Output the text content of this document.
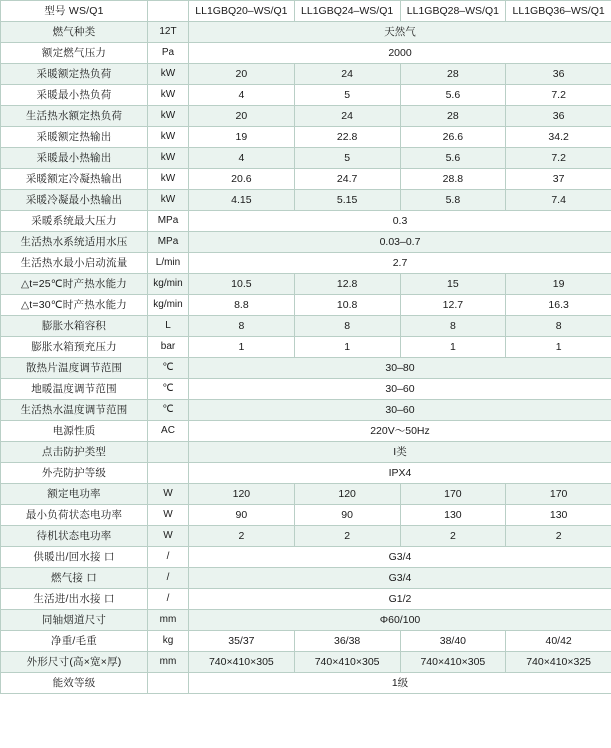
型号 WS/Q1		LL1GBQ20–WS/Q1	LL1GBQ24–WS/Q1	LL1GBQ28–WS/Q1	LL1GBQ36–WS/Q1
燃气种类	12T	天然气			
额定燃气压力	Pa	2000			
采暖额定热负荷	kW	20	24	28	36
采暖最小热负荷	kW	4	5	5.6	7.2
生活热水额定热负荷	kW	20	24	28	36
采暖额定热输出	kW	19	22.8	26.6	34.2
采暖最小热输出	kW	4	5	5.6	7.2
采暖额定冷凝热输出	kW	20.6	24.7	28.8	37
采暖冷凝最小热输出	kW	4.15	5.15	5.8	7.4
采暖系统最大压力	MPa	0.3			
生活热水系统适用水压	MPa	0.03–0.7			
生活热水最小启动流量	L/min	2.7			
△t=25℃时产热水能力	kg/min	10.5	12.8	15	19
△t=30℃时产热水能力	kg/min	8.8	10.8	12.7	16.3
膨胀水箱容积	L	8	8	8	8
膨胀水箱预充压力	bar	1	1	1	1
散热片温度调节范围	℃	30–80			
地暖温度调节范围	℃	30–60			
生活热水温度调节范围	℃	30–60			
电源性质	AC	220V～50Hz			
点击防护类型		I类			
外壳防护等级		IPX4			
额定电功率	W	120	120	170	170
最小负荷状态电功率	W	90	90	130	130
待机状态电功率	W	2	2	2	2
供暖出/回水接 口	/	G3/4			
燃气接 口	/	G3/4			
生活进/出水接 口	/	G1/2			
同轴烟道尺寸	mm	Φ60/100			
净重/毛重	kg	35/37	36/38	38/40	40/42
外形尺寸(高×宽×厚)	mm	740×410×305	740×410×305	740×410×305	740×410×325
能效等级		1级			
